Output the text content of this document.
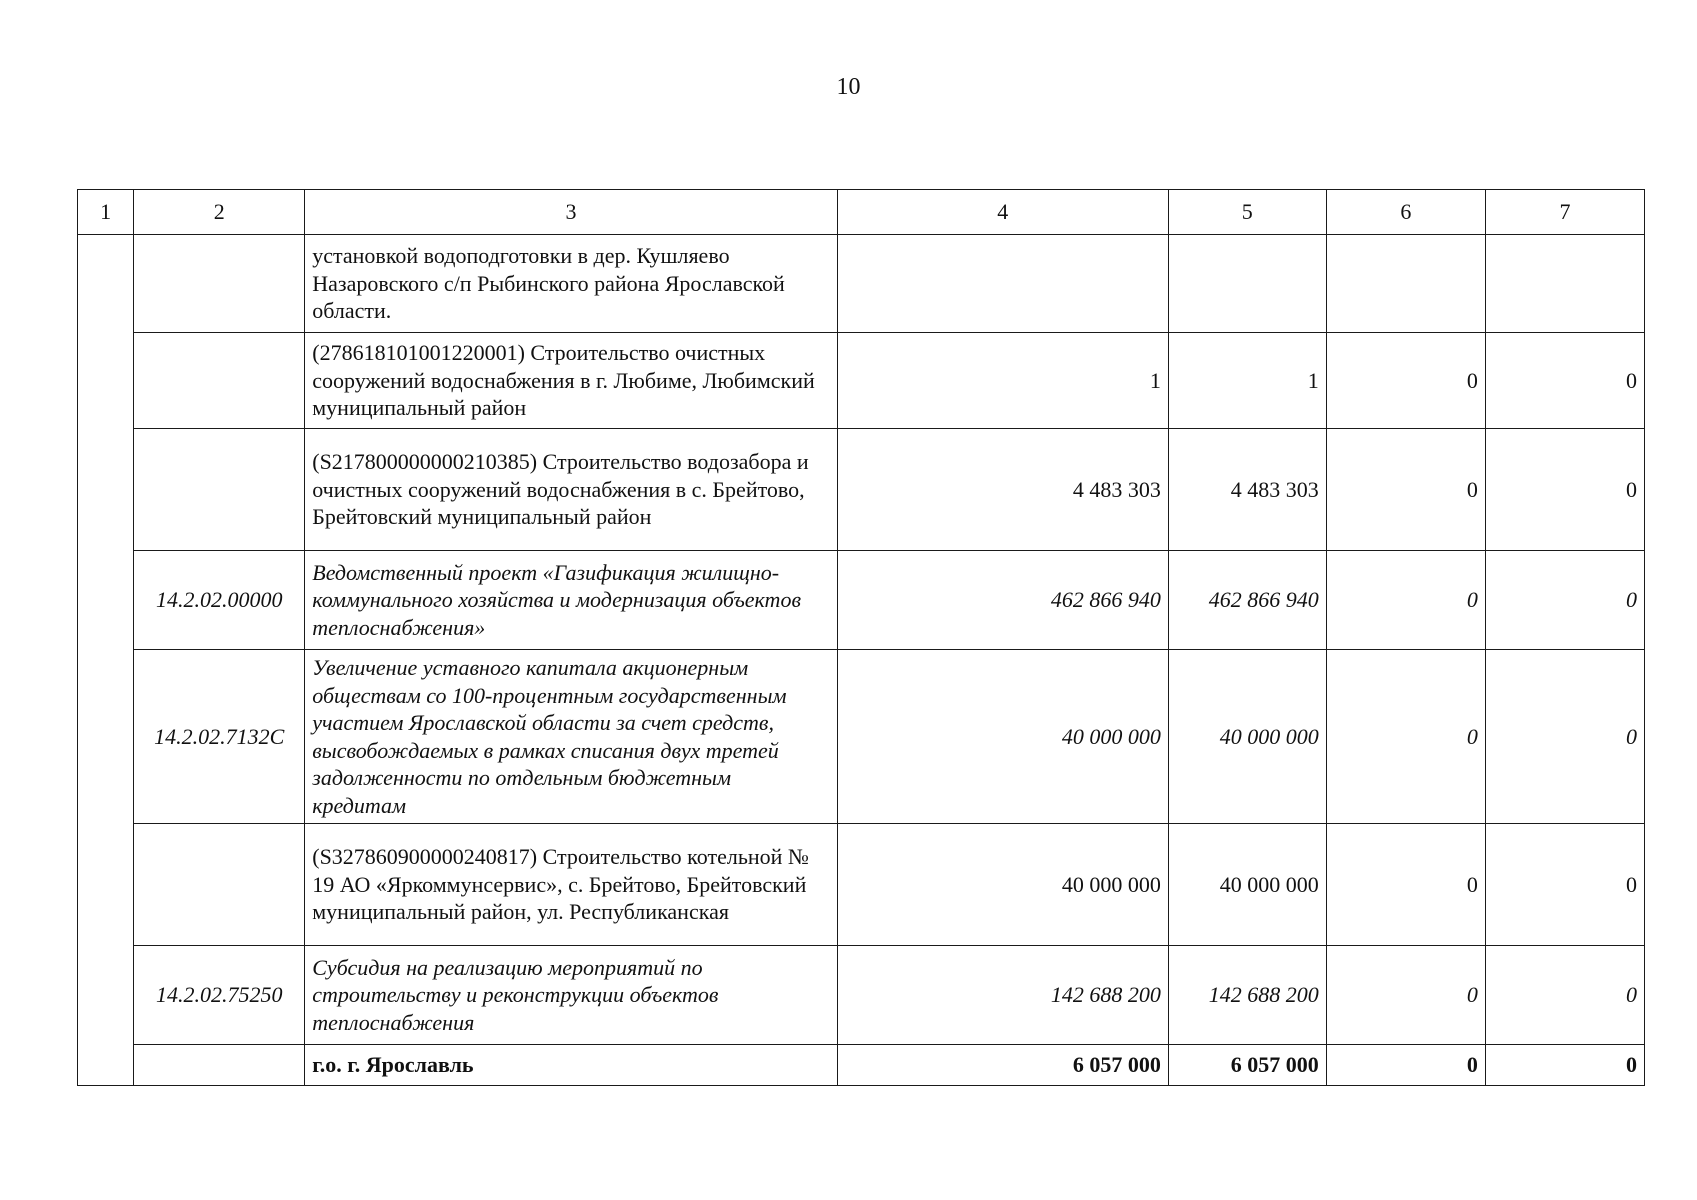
10
1	2	3	4	5	6	7
		установкой водоподготовки в дер. Кушляево Назаровского с/п Рыбинского района Ярославской области.				
		(278618101001220001) Строительство очистных сооружений водоснабжения в г. Любиме, Любимский муниципальный район	1	1	0	0
		(S217800000000210385) Строительство водозабора и очистных сооружений водоснабжения в с. Брейтово, Брейтовский муниципальный район	4 483 303	4 483 303	0	0
	14.2.02.00000	Ведомственный проект «Газификация жилищно-коммунального хозяйства и модернизация объектов теплоснабжения»	462 866 940	462 866 940	0	0
	14.2.02.7132С	Увеличение уставного капитала акционерным обществам со 100-процентным государственным участием Ярославской области за счет средств, высвобождаемых в рамках списания двух третей задолженности по отдельным бюджетным кредитам	40 000 000	40 000 000	0	0
		(S327860900000240817) Строительство котельной № 19 АО «Яркоммунсервис», с. Брейтово, Брейтовский муниципальный район, ул. Республиканская	40 000 000	40 000 000	0	0
	14.2.02.75250	Субсидия на реализацию мероприятий по строительству и реконструкции объектов теплоснабжения	142 688 200	142 688 200	0	0
		г.о. г. Ярославль	6 057 000	6 057 000	0	0
